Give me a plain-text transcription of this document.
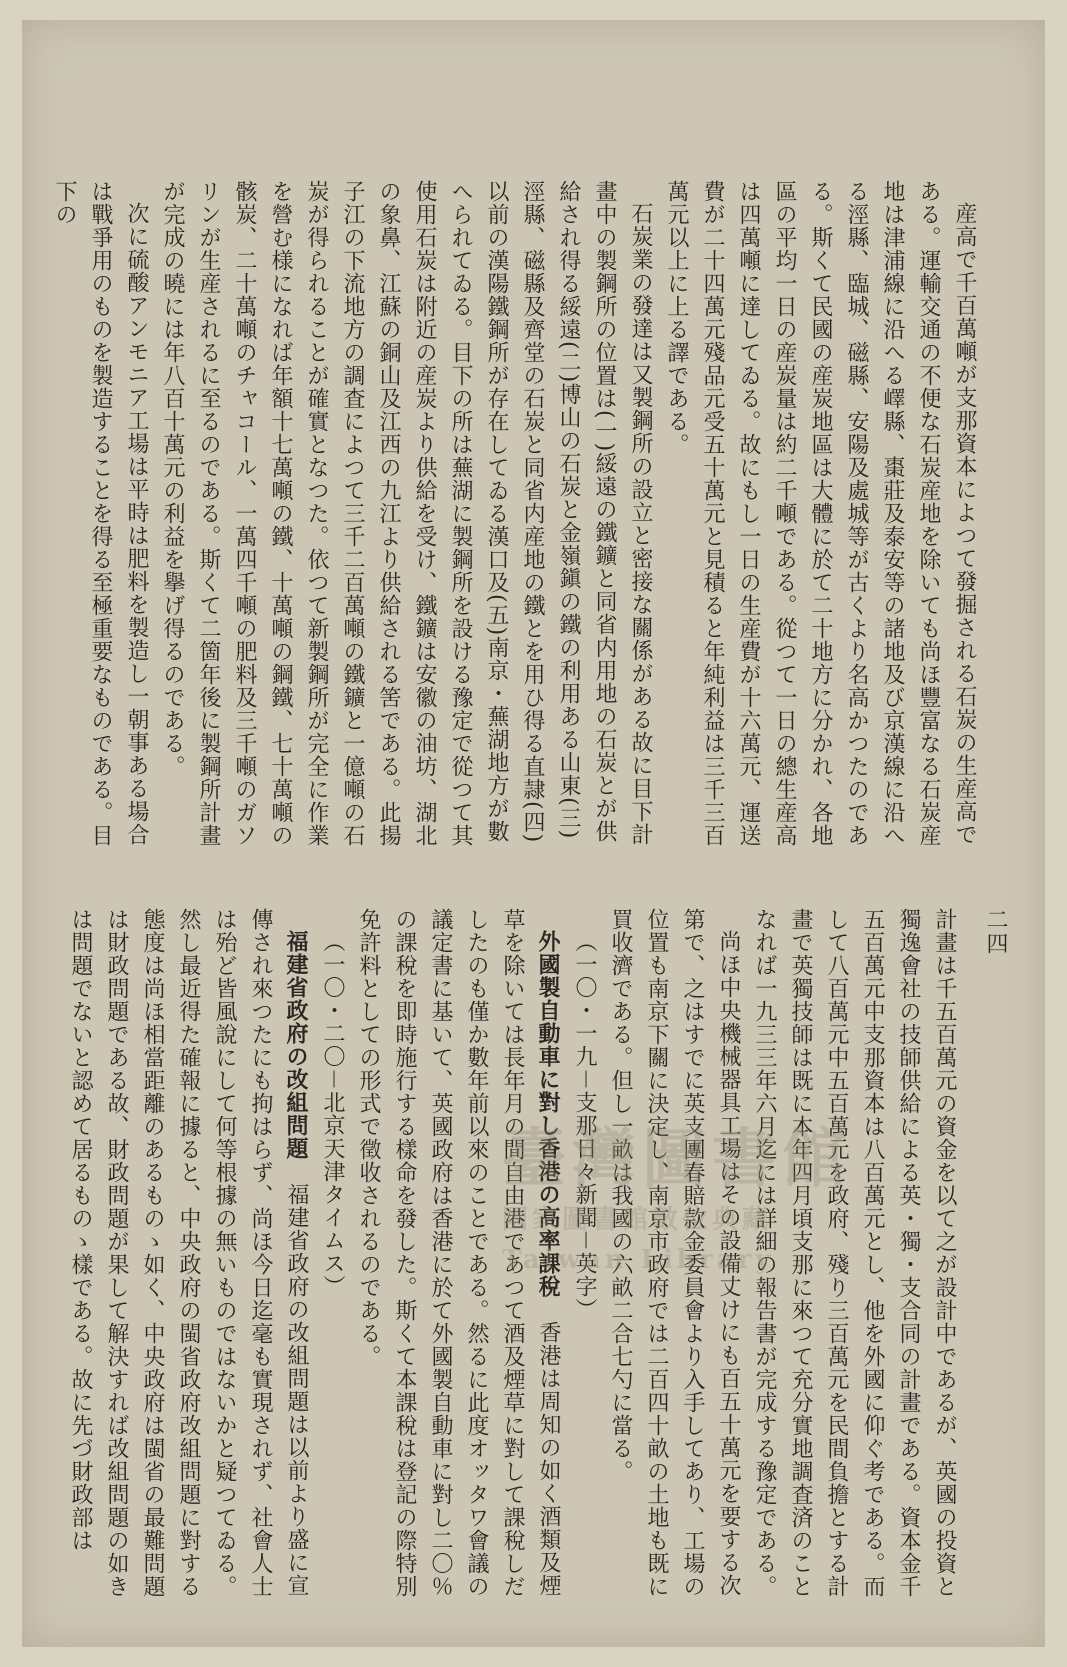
二四

産高で千百萬噸が支那資本によつて發掘される石炭の生産高である。運輸交通の不便な石炭産地を除いても尚ほ豐富なる石炭産地は津浦線に沿へる嶧縣、棗莊及泰安等の諸地及び京漢線に沿へる涇縣、臨城、磁縣、安陽及處城等が古くより名高かつたのである。斯くて民國の産炭地區は大體に於て二十地方に分かれ、各地區の平均一日の産炭量は約二千噸である。從つて一日の總生産高は四萬噸に達してゐる。故にもし一日の生産費が十六萬元、運送費が二十四萬元殘品元受五十萬元と見積ると年純利益は三千三百萬元以上に上る譯である。

石炭業の發達は又製鋼所の設立と密接な關係がある故に目下計畫中の製鋼所の位置は(一)綏遠の鐵鑛と同省内用地の石炭とが供給され得る綏遠(二)博山の石炭と金嶺鎭の鐵の利用ある山東(三)涇縣、磁縣及齊堂の石炭と同省内産地の鐵とを用ひ得る直隷(四)以前の漢陽鐵鋼所が存在してゐる漢口及(五)南京・蕪湖地方が數へられてゐる。目下の所は蕪湖に製鋼所を設ける豫定で從つて其使用石炭は附近の産炭より供給を受け、鐵鑛は安徽の油坊、湖北の象鼻、江蘇の銅山及江西の九江より供給される筈である。此揚子江の下流地方の調査によつて三千二百萬噸の鐵鑛と一億噸の石炭が得られることが確實となつた。依つて新製鋼所が完全に作業を營む様になれば年額十七萬噸の鐵、十萬噸の鋼鐵、七十萬噸の骸炭、二十萬噸のチャコール、一萬四千噸の肥料及三千噸のガソリンが生産されるに至るのである。斯くて二箇年後に製鋼所計畫が完成の曉には年八百十萬元の利益を擧げ得るのである。

次に硫酸アンモニア工場は平時は肥料を製造し一朝事ある場合は戰爭用のものを製造することを得る至極重要なものである。目下の

計畫は千五百萬元の資金を以て之が設計中であるが、英國の投資と獨逸會社の技師供給による英・獨・支合同の計畫である。資本金千五百萬元中支那資本は八百萬元とし、他を外國に仰ぐ考である。而して八百萬元中五百萬元を政府、殘り三百萬元を民間負擔とする計畫で英獨技師は既に本年四月頃支那に來つて充分實地調査済のことなれば一九三三年六月迄には詳細の報告書が完成する豫定である。

尚ほ中央機械器具工場はその設備丈けにも百五十萬元を要する次第で、之はすでに英支團春賠款金委員會より入手してあり、工場の位置も南京下關に決定し、南京市政府では二百四十畝の土地も既に買收濟である。但し一畝は我國の六畝二合七勺に當る。

（一〇・一九－支那日々新聞－英字）

外國製自動車に對し香港の高率課稅　香港は周知の如く酒類及煙草を除いては長年月の間自由港であつて酒及煙草に對して課稅しだしたのも僅か數年前以來のことである。然るに此度オッタワ會議の議定書に基いて、英國政府は香港に於て外國製自動車に對し二〇％の課稅を即時施行する樣命を發した。斯くて本課稅は登記の際特別免許料としての形式で徵收されるのである。

（一〇・二〇－北京天津タイムス）

福建省政府の改組問題　福建省政府の改組問題は以前より盛に宣傳され來つたにも拘はらず、尚ほ今日迄毫も實現されず、社會人士は殆ど皆風說にして何等根據の無いものではないかと疑つてゐる。然し最近得た確報に據ると、中央政府の閩省政府改組問題に對する態度は尚ほ相當距離のあるものゝ如く、中央政府は閩省の最難問題は財政問題である故、財政問題が果して解決すれば改組問題の如きは問題でないと認めて居るものゝ樣である。故に先づ財政部は	臺灣圖書館
國家圖書館數位典藏
Taiwan Library
